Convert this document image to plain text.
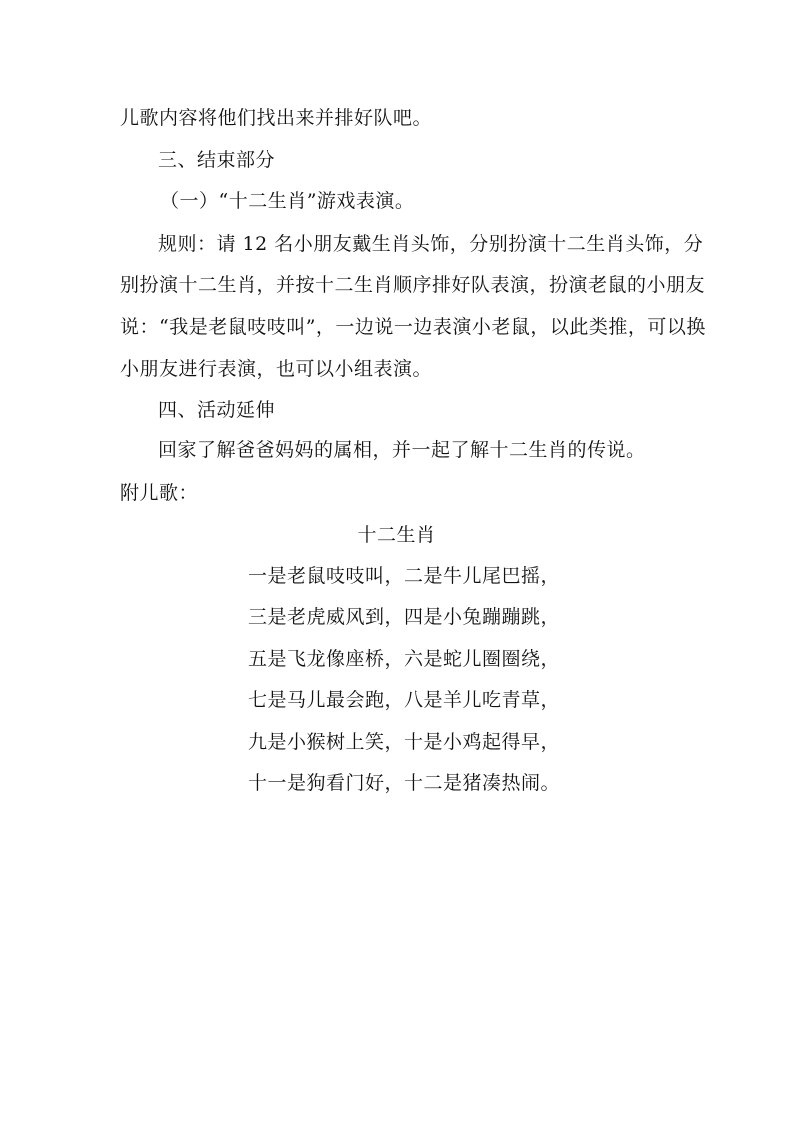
儿歌内容将他们找出来并排好队吧。
三、结束部分
（一）“十二生肖”游戏表演。
规则：请 12 名小朋友戴生肖头饰，分别扮演十二生肖头饰，分
别扮演十二生肖，并按十二生肖顺序排好队表演，扮演老鼠的小朋友
说：“我是老鼠吱吱叫”，一边说一边表演小老鼠，以此类推，可以换
小朋友进行表演，也可以小组表演。
四、活动延伸
回家了解爸爸妈妈的属相，并一起了解十二生肖的传说。
附儿歌：
十二生肖
一是老鼠吱吱叫，二是牛儿尾巴摇，
三是老虎威风到，四是小兔蹦蹦跳，
五是飞龙像座桥，六是蛇儿圈圈绕，
七是马儿最会跑，八是羊儿吃青草，
九是小猴树上笑，十是小鸡起得早，
十一是狗看门好，十二是猪凑热闹。
